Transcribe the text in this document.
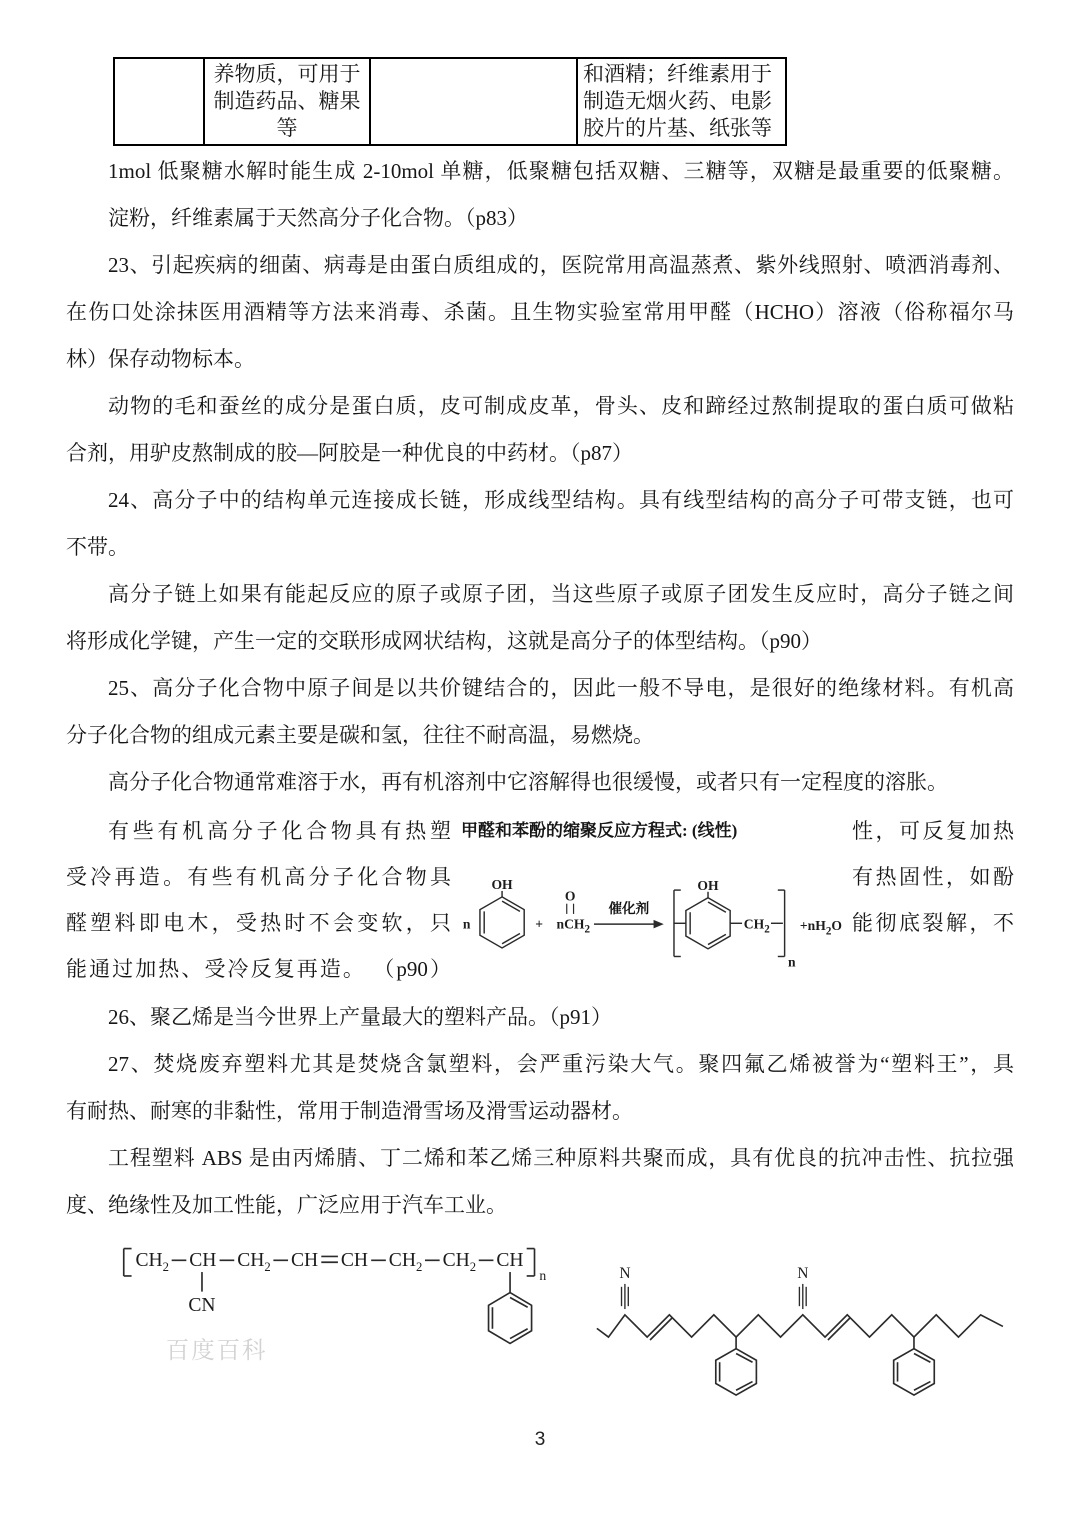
	养物质，可用于制造药品、糖果等		和酒精；纤维素用于制造无烟火药、电影胶片的片基、纸张等
1mol 低聚糖水解时能生成 2-10mol 单糖，低聚糖包括双糖、三糖等，双糖是最重要的低聚糖。
淀粉，纤维素属于天然高分子化合物。（p83）
23、引起疾病的细菌、病毒是由蛋白质组成的，医院常用高温蒸煮、紫外线照射、喷洒消毒剂、
在伤口处涂抹医用酒精等方法来消毒、杀菌。且生物实验室常用甲醛（HCHO）溶液（俗称福尔马
林）保存动物标本。
动物的毛和蚕丝的成分是蛋白质，皮可制成皮革，骨头、皮和蹄经过熬制提取的蛋白质可做粘
合剂，用驴皮熬制成的胶—阿胶是一种优良的中药材。（p87）
24、高分子中的结构单元连接成长链，形成线型结构。具有线型结构的高分子可带支链，也可
不带。
高分子链上如果有能起反应的原子或原子团，当这些原子或原子团发生反应时，高分子链之间
将形成化学键，产生一定的交联形成网状结构，这就是高分子的体型结构。（p90）
25、高分子化合物中原子间是以共价键结合的，因此一般不导电，是很好的绝缘材料。有机高
分子化合物的组成元素主要是碳和氢，往往不耐高温，易燃烧。
高分子化合物通常难溶于水，再有机溶剂中它溶解得也很缓慢，或者只有一定程度的溶胀。
有些有机高分子化合物具有热塑
受冷再造。有些有机高分子化合物具
醛塑料即电木，受热时不会变软，只
能通过加热、受冷反复再造。 （p90）
甲醛和苯酚的缩聚反应方程式: (线性)
n
OH
+
O
nCH$_2$
催化剂
OH
$CH_2$
n
$+nH_2O$
性，可反复加热
有热固性，如酚
能彻底裂解，不
26、聚乙烯是当今世界上产量最大的塑料产品。（p91）
27、焚烧废弃塑料尤其是焚烧含氯塑料，会严重污染大气。聚四氟乙烯被誉为“塑料王”，具
有耐热、耐寒的非黏性，常用于制造滑雪场及滑雪运动器材。
工程塑料 ABS 是由丙烯腈、丁二烯和苯乙烯三种原料共聚而成，具有优良的抗冲击性、抗拉强
度、绝缘性及加工性能，广泛应用于汽车工业。
$CH_2$ CH $CH_2$ CH CH $CH_2$ $CH_2$ CH
n
CN
百度百科
N	N
3
